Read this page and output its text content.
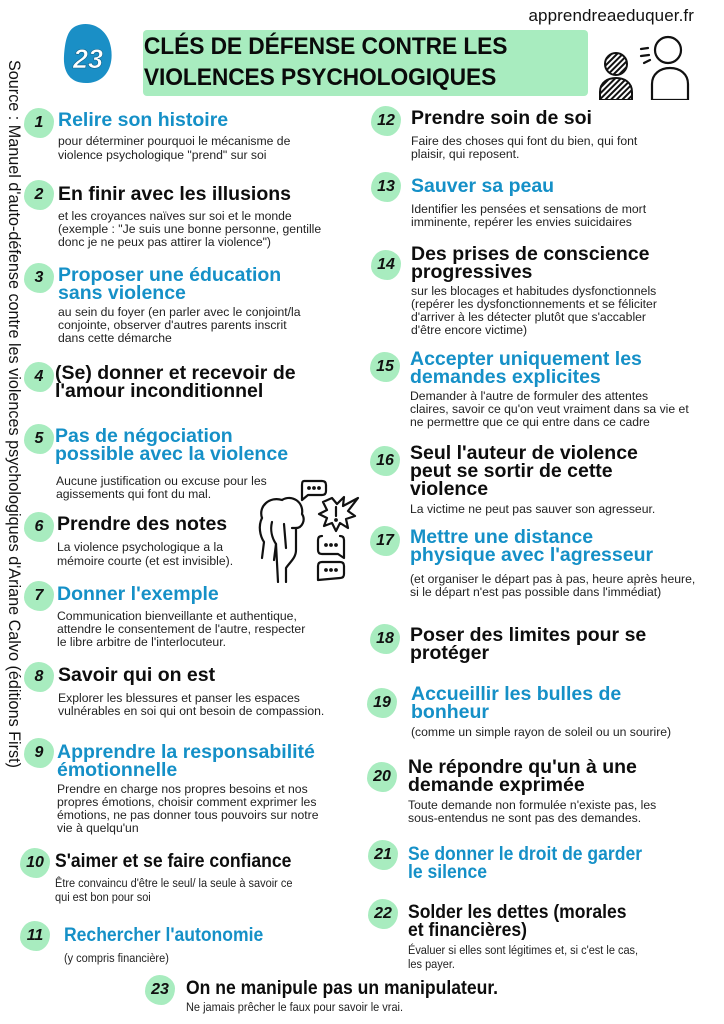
apprendreaeduquer.fr
Source : Manuel d'auto-défense contre les violences psychologiques d'Ariane Calvo (éditions First)
23 CLÉS DE DÉFENSE CONTRE LES
VIOLENCES PSYCHOLOGIQUES
1 Relire son histoire
pour déterminer pourquoi le mécanisme de
violence psychologique "prend" sur soi
2 En finir avec les illusions
et les croyances naïves sur soi et le monde
(exemple : "Je suis une bonne personne, gentille
donc je ne peux pas attirer la violence")
3 Proposer une éducation
sans violence
au sein du foyer (en parler avec le conjoint/la
conjointe, observer d'autres parents inscrit
dans cette démarche
4 (Se) donner et recevoir de
l'amour inconditionnel
5 Pas de négociation
possible avec la violence
Aucune justification ou excuse pour les
agissements qui font du mal.
6 Prendre des notes
La violence psychologique a la
mémoire courte (et est invisible).
7 Donner l'exemple
Communication bienveillante et authentique,
attendre le consentement de l'autre, respecter
le libre arbitre de l'interlocuteur.
8 Savoir qui on est
Explorer les blessures et panser les espaces
vulnérables en soi qui ont besoin de compassion.
9 Apprendre la responsabilité
émotionnelle
Prendre en charge nos propres besoins et nos
propres émotions, choisir comment exprimer les
émotions, ne pas donner tous pouvoirs sur notre
vie à quelqu'un
10 S'aimer et se faire confiance
Être convaincu d'être le seul/ la seule à savoir ce
qui est bon pour soi
11	Rechercher l'autonomie
(y compris financière)
12 Prendre soin de soi
Faire des choses qui font du bien, qui font
plaisir, qui reposent.
13 Sauver sa peau
Identifier les pensées et sensations de mort
imminente, repérer les envies suicidaires
14 Des prises de conscience
progressives
sur les blocages et habitudes dysfonctionnels
(repérer les dysfonctionnements et se féliciter
d'arriver à les détecter plutôt que s'accabler
d'être encore victime)
15 Accepter uniquement les
demandes explicites
Demander à l'autre de formuler des attentes
claires, savoir ce qu'on veut vraiment dans sa vie et
ne permettre que ce qui entre dans ce cadre
16 Seul l'auteur de violence
peut se sortir de cette
violence
La victime ne peut pas sauver son agresseur.
17 Mettre une distance
physique avec l'agresseur
(et organiser le départ pas à pas, heure après heure,
si le départ n'est pas possible dans l'immédiat)
18 Poser des limites pour se
protéger
19	Accueillir les bulles de
bonheur
(comme un simple rayon de soleil ou un sourire)
20 Ne répondre qu'un à une
demande exprimée
Toute demande non formulée n'existe pas, les
sous-entendus ne sont pas des demandes.
21 Se donner le droit de garder
le silence
22 Solder les dettes (morales
et financières)
Évaluer si elles sont légitimes et, si c'est le cas,
les payer.
23 On ne manipule pas un manipulateur.
Ne jamais prêcher le faux pour savoir le vrai.
